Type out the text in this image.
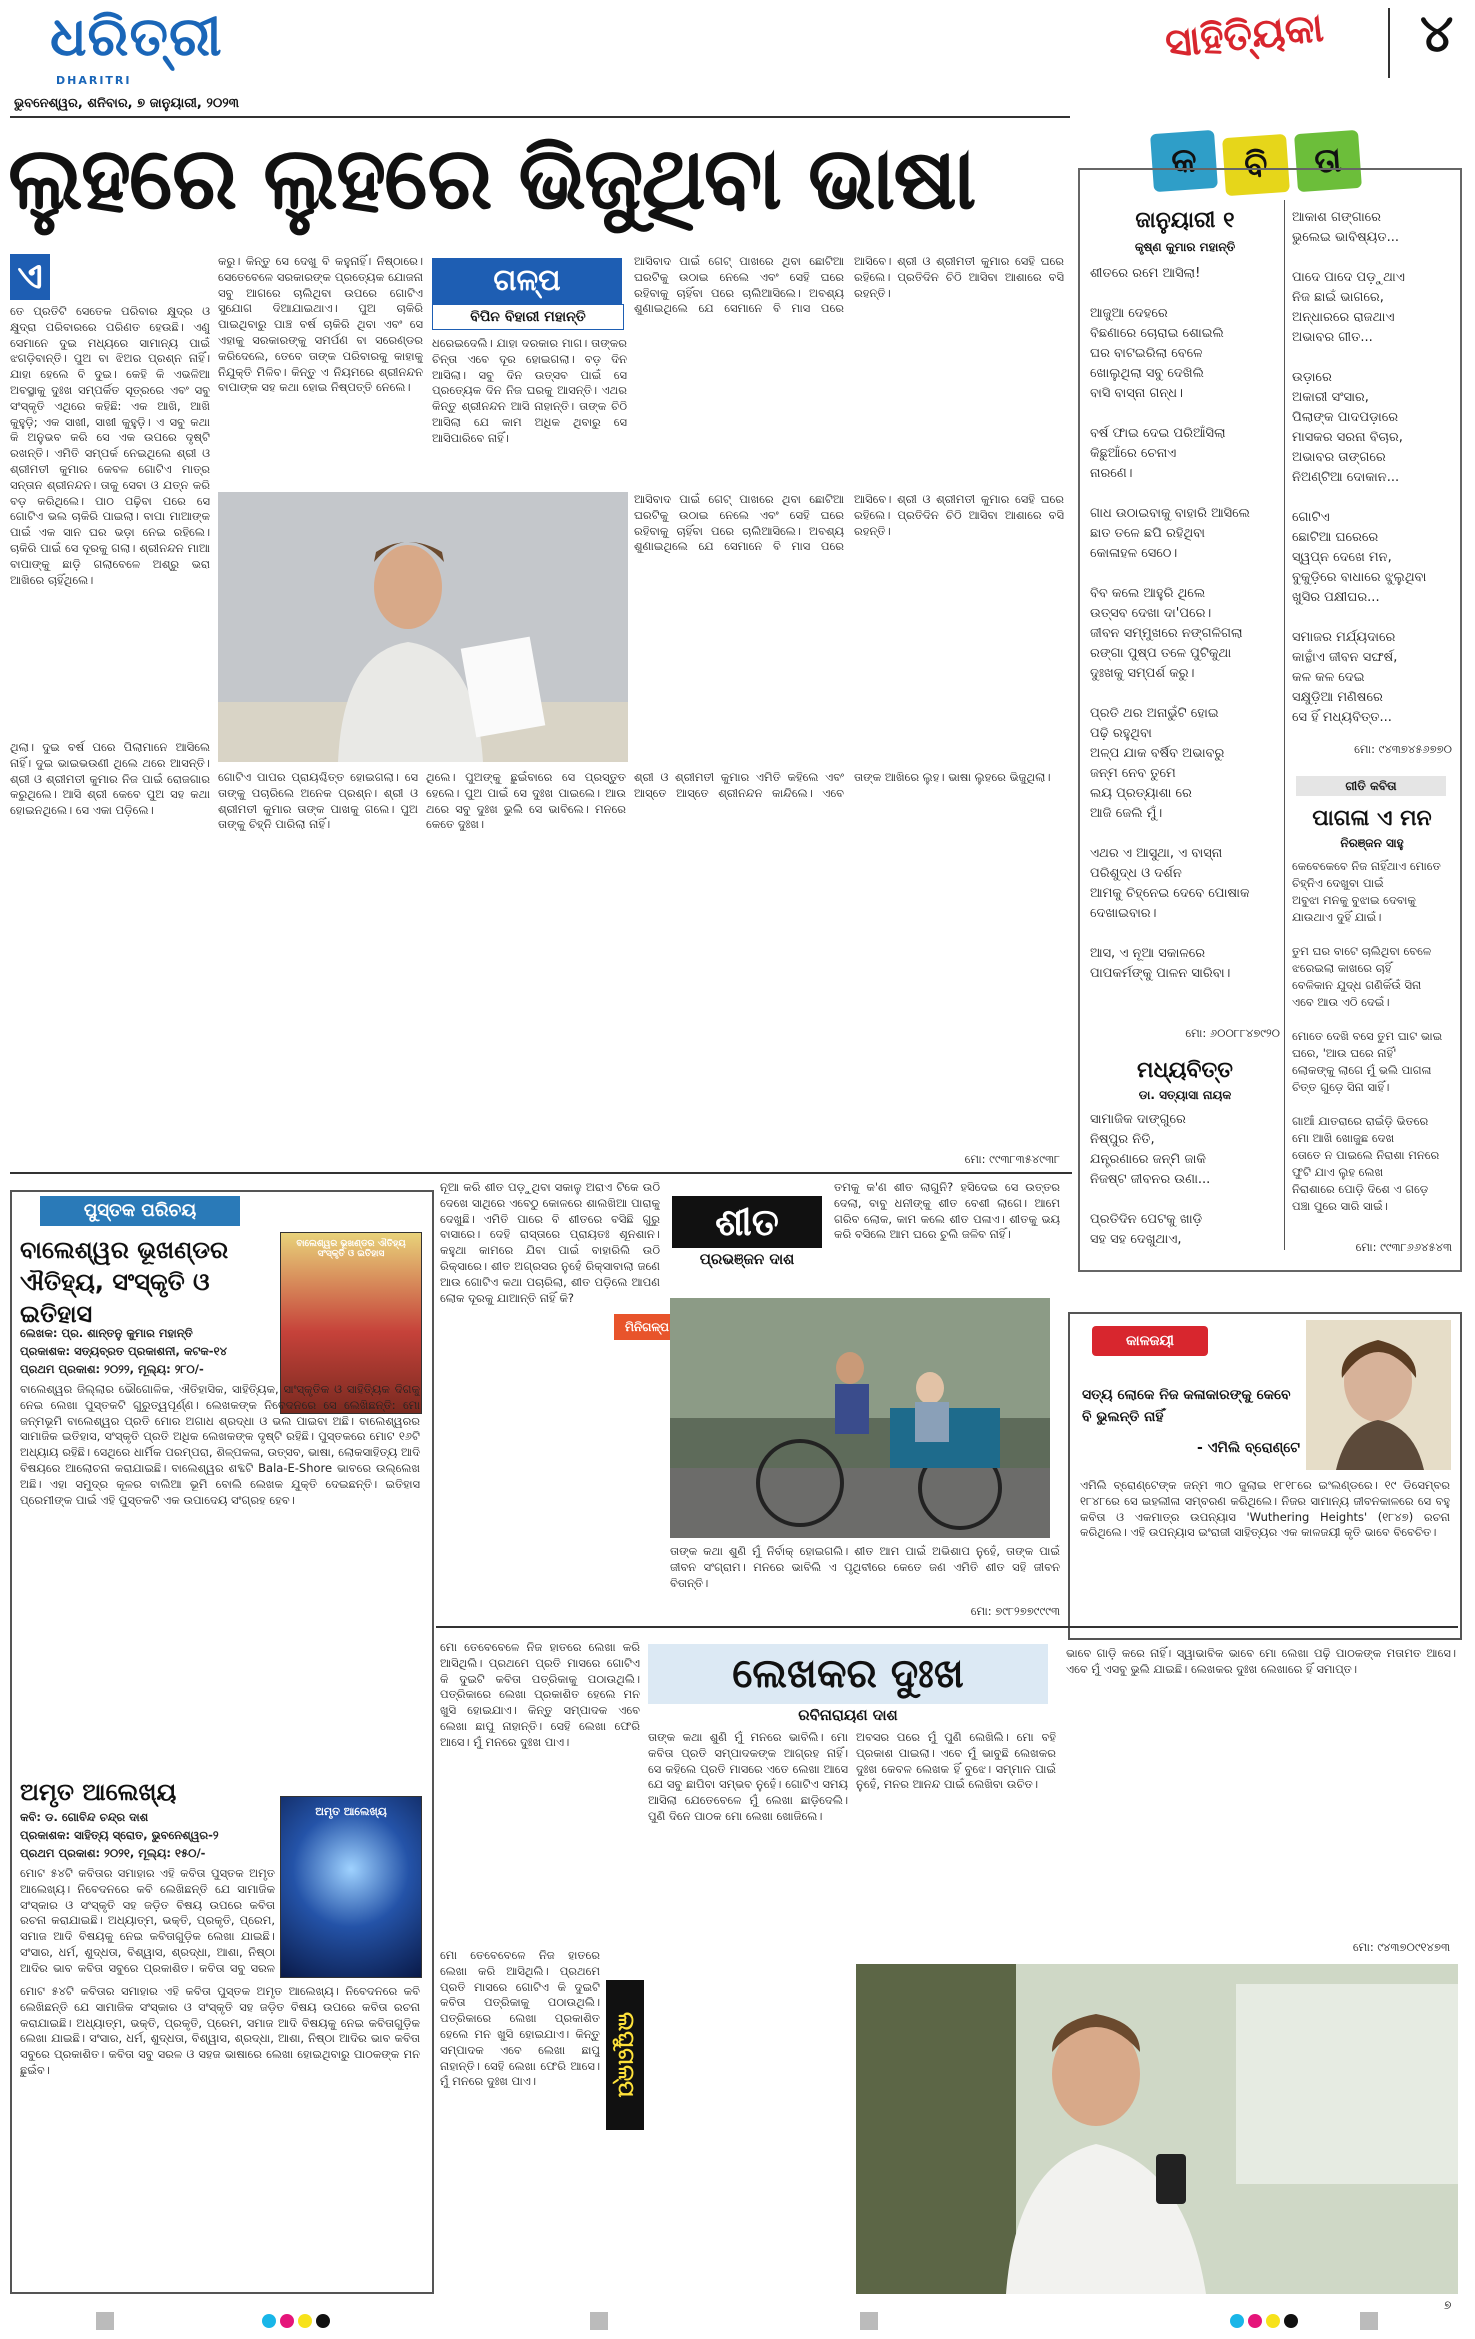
ଧରିତ୍ରୀ
DHARITRI
ଭୁବନେଶ୍ୱର, ଶନିବାର, ୭ ଜାନୁୟାରୀ, ୨୦୨୩
ସାହିତ୍ୟିକା ୪
ଲୁହରେ ଲୁହରେ ଭିଜୁଥିବା ଭାଷା	କ	ବି	ତା
ଏ
ତେ ପ୍ରତିଟି ସେତେକ ପରିବାର କ୍ଷୁଦ୍ର ଓ କ୍ଷୁଦ୍ରା ପରିବାରରେ ପରିଣତ ହେଉଛି। ଏଣୁ ସେମାନେ ଦୁଇ ମଧ୍ୟରେ ସାମାନ୍ୟ ପାଇଁ ଝଗଡ଼ିବାନ୍ତି। ପୁଅ ବା ଝିଅର ପ୍ରଶ୍ନ ନାହିଁ। ଯାହା ହେଲେ ବି ଦୁଇ। କେହି କି ଏଭଳିଆ ଅବସ୍ଥାକୁ ଦୁଃଖ ସମ୍ପର୍କିତ ସୂତ୍ରରେ ଏବଂ ସବୁ ସଂସ୍କୃତି ଏଥିରେ କହିଛି: ଏକ ଆଖି, ଆଖି କୁହୁଡ଼ି; ଏକ ସାଖୀ, ସାଖୀ କୁହୁଡ଼ି। ଏ ସବୁ କଥା କି ଅନୁଭବ କରି ସେ ଏକ ଉପରେ ଦୃଷ୍ଟି ରଖନ୍ତି। ଏମିତି ସମ୍ପର୍କ ନେଇଥିଲେ ଶ୍ରୀ ଓ ଶ୍ରୀମତୀ କୁମାର କେବଳ ଗୋଟିଏ ମାତ୍ର ସନ୍ତାନ ଶ୍ରୀନନ୍ଦନ। ତାକୁ ସେବା ଓ ଯତ୍ନ କରି ବଡ଼ କରିଥିଲେ। ପାଠ ପଢ଼ିବା ପରେ ସେ ଗୋଟିଏ ଭଲ ଚାକିରି ପାଇଲା। ବାପା ମାଆଙ୍କ ପାଇଁ ଏକ ସାନ ଘର ଭଡ଼ା ନେଇ ରହିଲେ। ଚାକିରି ପାଇଁ ସେ ଦୂରକୁ ଗଲା। ଶ୍ରୀନନ୍ଦନ ମାଆ ବାପାଙ୍କୁ ଛାଡ଼ି ଗଲାବେଳେ ଅଶ୍ରୁ ଭରା ଆଖିରେ ଚାହିଁଥିଲେ।
କରୁ। କିନ୍ତୁ ସେ ଦେଖୁ ବି କହୁନାହିଁ। ନିଷ୍ଠାରେ। ସେତେବେଳେ ସରକାରଙ୍କ ପ୍ରତ୍ୟେକ ଯୋଜନା ସବୁ ଆଗରେ ଚାଲିଥିବା ଉପରେ ଗୋଟିଏ ସୁଯୋଗ ଦିଆଯାଇଥାଏ। ପୁଅ ଚାକିରି ପାଇଥିବାରୁ ପାଞ୍ଚ ବର୍ଷ ଚାକିରି ଥିବା ଏବଂ ସେ ଏହାକୁ ସରକାରଙ୍କୁ ସମର୍ପଣ ବା ସରେଣ୍ଡର କରିଦେଲେ, ତେବେ ତାଙ୍କ ପରିବାରକୁ କାହାକୁ ନିଯୁକ୍ତି ମିଳିବ। କିନ୍ତୁ ଏ ନିୟମରେ ଶ୍ରୀନନ୍ଦନ ବାପାଙ୍କ ସହ କଥା ହୋଇ ନିଷ୍ପତ୍ତି ନେଲେ।
ଗଳ୍ପ
ବିପିନ ବିହାରୀ ମହାନ୍ତି
ଧରେଇଦେଲି। ଯାହା ଦରକାର ମାଗ। ତାଙ୍କର ଚିନ୍ତା ଏବେ ଦୂର ହୋଇଗଲା। ବଡ଼ ଦିନ ଆସିଲା। ସବୁ ଦିନ ଉତ୍ସବ ପାଇଁ ସେ ପ୍ରତ୍ୟେକ ଦିନ ନିଜ ଘରକୁ ଆସନ୍ତି। ଏଥର କିନ୍ତୁ ଶ୍ରୀନନ୍ଦନ ଆସି ନାହାନ୍ତି। ତାଙ୍କ ଚିଠି ଆସିଲା ଯେ କାମ ଅଧିକ ଥିବାରୁ ସେ ଆସିପାରିବେ ନାହିଁ।
ଆସିବାଦ ପାଇଁ ଗେଟ୍ ପାଖରେ ଥିବା ଛୋଟିଆ ଘରଟିକୁ ଉଠାଇ ନେଲେ ଏବଂ ସେହି ଘରେ ରହିବାକୁ ଚାହିଁବା ପରେ ଚାଲିଆସିଲେ। ଅବଶ୍ୟ ଶୁଣାଇଥିଲେ ଯେ ସେମାନେ ବି ମାସ ପରେ ଆସିବେ। ଶ୍ରୀ ଓ ଶ୍ରୀମତୀ କୁମାର ସେହି ଘରେ ରହିଲେ। ପ୍ରତିଦିନ ଚିଠି ଆସିବା ଆଶାରେ ବସି ରହନ୍ତି।
ଆସିବାଦ ପାଇଁ ଗେଟ୍ ପାଖରେ ଥିବା ଛୋଟିଆ ଘରଟିକୁ ଉଠାଇ ନେଲେ ଏବଂ ସେହି ଘରେ ରହିବାକୁ ଚାହିଁବା ପରେ ଚାଲିଆସିଲେ। ଅବଶ୍ୟ ଶୁଣାଇଥିଲେ ଯେ ସେମାନେ ବି ମାସ ପରେ ଆସିବେ। ଶ୍ରୀ ଓ ଶ୍ରୀମତୀ କୁମାର ସେହି ଘରେ ରହିଲେ। ପ୍ରତିଦିନ ଚିଠି ଆସିବା ଆଶାରେ ବସି ରହନ୍ତି।
ଥିଲା। ଦୁଇ ବର୍ଷ ପରେ ପିଲାମାନେ ଆସିଲେ ନାହିଁ। ଦୁଇ ଭାଇଭଉଣୀ ଥିଲେ ଥରେ ଆସନ୍ତି। ଶ୍ରୀ ଓ ଶ୍ରୀମତୀ କୁମାର ନିଜ ପାଇଁ ରୋଜଗାର କରୁଥିଲେ। ଆସି ଶ୍ରୀ କେବେ ପୁଅ ସହ କଥା ହୋଇନଥିଲେ। ସେ ଏକା ପଡ଼ିଲେ।
ଗୋଟିଏ ପାପର ପ୍ରାୟଶ୍ଚିତ୍ତ ହୋଇଗଲା। ସେ ତାଙ୍କୁ ପଚାରିଲେ ଅନେକ ପ୍ରଶ୍ନ। ଶ୍ରୀ ଓ ଶ୍ରୀମତୀ କୁମାର ତାଙ୍କ ପାଖକୁ ଗଲେ। ପୁଅ ତାଙ୍କୁ ଚିହ୍ନି ପାରିଲା ନାହିଁ।
ଥିଲେ। ପୁଅଙ୍କୁ ଛୁଇଁବାରେ ସେ ପ୍ରସ୍ତୁତ ହେଲେ। ପୁଅ ପାଇଁ ସେ ଦୁଃଖ ପାଇଲେ। ଆଉ ଥରେ ସବୁ ଦୁଃଖ ଭୁଲି ସେ ଭାବିଲେ। ମନରେ କେତେ ଦୁଃଖ।
ଶ୍ରୀ ଓ ଶ୍ରୀମତୀ କୁମାର ଏମିତି କହିଲେ ଏବଂ ଆସ୍ତେ ଆସ୍ତେ ଶ୍ରୀନନ୍ଦନ କାନ୍ଦିଲେ। ଏବେ ତାଙ୍କ ଆଖିରେ ଲୁହ। ଭାଷା ଲୁହରେ ଭିଜୁଥିଲା।
ମୋ: ୯୯୩୮୩୫୪୯୩୮
ଜାନୁୟାରୀ ୧
କୃଷ୍ଣ କୁମାର ମହାନ୍ତି
ଶୀତରେ ରମେ ଆସିଲା!

ଆଜୁଆ ଦେହରେ
ବିଛଣାରେ ଚୋରାଇ ଶୋଇଲି
ଘର ବାଟଇରିଲା ବେଳେ
ଖୋଲୁଥିଲା ସବୁ ଦେଖିଲି
ବାସି ବାସ୍ନା ଗନ୍ଧ।

ବର୍ଷ ଫାଇ ଦେଇ ପରିଆଁସିଲା
କିଛୁଆଁରେ ଚେନାଏ
ନାରଣେ।

ଗାଧ ଉଠାଇବାକୁ ବାହାରି ଆସିଲେ
ଛାତ ତଳେ ଛପି ରହିଥିବା
କୋଳାହଳ ସେଠେ।

ବିବ କଲେ ଆହୁରି ଥିଲେ
ଉତ୍ସବ ଦେଖା ଦା'ପରେ।
ଜୀବନ ସମ୍ମୁଖରେ ନଙ୍ଗଳିଗଲା
ରଙ୍ଗା ପୁଷ୍ପ ତଳେ ପୁଟିକୁଥା
ଦୁଃଖକୁ ସମ୍ପର୍ଶ କରୁ।

ପ୍ରତି ଥର ଅନାଭୁଁଟି ହୋଇ
ପଢ଼ି ରହୁଥିବା
ଅଳ୍ପ ଯାକ ବର୍ଷିବ ଅଭାବରୁ
ଜନ୍ମ ନେବ ତୁମେ
ଲୟ ପ୍ରତ୍ୟାଶା ରେ
ଆଜି ଜେଲି ମୁଁ।

ଏଥର ଏ ଆସୁଥା, ଏ ବାସ୍ନା
ପରିଶୁଦ୍ଧ ଓ ଦର୍ଶନ
ଆମକୁ ଚିହ୍ନେଇ ଦେବେ ପୋଷାକ
ଦେଖାଇବାର।

ଆସ, ଏ ନୂଆ ସକାଳରେ
ପାପକର୍ମଙ୍କୁ ପାଳନ ସାରିବା।
ମୋ: ୬୦୦୮୮୪୭୯୨୦
ଆକାଶ ଗଙ୍ଗାରେ
ଭୁଲେଇ ଭାବିଷ୍ୟତ...

ପାଦେ ପାଦେ ପଡ଼ୁଥାଏ
ନିଜ ଛାଇଁ ଭାଗରେ,
ଅନ୍ଧାରରେ ରାଜଥାଏ
ଅଭାବର ଗୀତ...

ଉଡ଼ାରେ
ଅକାରୀ ସଂସାର,
ପିଲାଙ୍କ ପାଦପଡ଼ାରେ
ମାସକର ସରନା ବିଚାର,
ଅଭାବର ତାଙ୍ଗରେ
ନିଅଣ୍ଟିଆ ଦୋକାନ...

ଗୋଟିଏ
ଛୋଟିଆ ଘରେରେ
ସ୍ୱପ୍ନ ଦେଖେ ମନ,
ବୁକୁଡ଼ିରେ ବାଧାରେ ଝୁଲୁଥିବା
ଖୁସିର ପକ୍ଷୀଘର...

ସମାଜର ମର୍ଯ୍ୟଦାରେ
କାନ୍ଥାଁଏ ଜୀବନ ସଙ୍ଘର୍ଷ,
କଳ କଳ ଦେଇ
ସକ୍ଷୁଡ଼ିଆ ମଣିଷରେ
ସେ ହିଁ ମଧ୍ୟବିତ୍ତ...
ମୋ: ୯୪୩୭୪୫୬୭୭୦
ମଧ୍ୟବିତ୍ତ
ଡା. ସତ୍ୟାସା ନାୟକ
ସାମାଜିକ ଦାଙ୍ଗୁରେ
ନିଷ୍ପୁର ନିତି,
ଯନ୍ତ୍ରଣାରେ ଜନ୍ମି ଜାକି
ନିଜଷ୍ଟ ଜୀବନର ଉଣା...

ପ୍ରତିଦିନ ପେଟକୁ ଖାଡ଼ି
ସହ ସହ ଦେଖୁଥାଏ,
ଗୀତି କବିତା
ପାଗଳା ଏ ମନ
ନିରଞ୍ଜନ ସାହୁ
କେବେକେବେ ନିଜ ନାହିଁଥାଏ ମୋତେ
ଚିହ୍ନିଏ ଦେଖୁବା ପାଇଁ
ଅବୁଝା ମନକୁ ବୁଝାଇ ଦେବାକୁ
ଯାଉଥାଏ ଦୁହିଁ ଯାଇଁ।

ତୁମ ଘର ବାଟେ ଚାଲିଥିବା ବେଳେ
ଝରେଇଲା କାଖରେ ଚାହିଁ
ବେଳିକାନ ଯୁଦ୍ଧ ଗଣିକିଁଉଁ ସିନା
ଏବେ ଆଉ ଏଠି ଦେଇଁ।

ମୋତେ ଦେଖି ବସେ ତୁମ ଘାଟ ଭାଇ
ଘରେ, 'ଆଉ ଘରେ ନାହିଁ'
ଲୋକଙ୍କୁ ଲାଗେ ମୁଁ ଭଲି ପାଗଳା
ଚିତ୍ତ ଗୁଡ଼େ ସିନା ସାହିଁ।

ଗାଆଁ ଯାତରାରେ ରାଇଁଡ଼ି ଭିତରେ
ମୋ ଆଖି ଖୋଜୁଛ ଦେଖ
ତୋତେ ନ ପାଇଲେ ନିରାଶା ମନରେ
ଫୁଟି ଯାଏ ଲୁହ ଲେଖ
ନିରାଶାରେ ପୋଡ଼ି ଦିଶେ ଏ ଗଡ଼େ
ପଞ୍ଚା ପୁରେ ସାରି ସାଇଁ।
ମୋ: ୯୯୩୮୬୬୪୫୪୩
ପୁସ୍ତକ ପରିଚୟ
ବାଲେଶ୍ୱର ଭୂଖଣ୍ଡର ଐତିହ୍ୟ, ସଂସ୍କୃତି ଓ ଇତିହାସ
ବାଲେଶ୍ୱର ଭୂଖଣ୍ଡର ଐତିହ୍ୟ ସଂସ୍କୃତି ଓ ଇତିହାସ
ଲେଖକ: ପ୍ର. ଶାନ୍ତନୁ କୁମାର ମହାନ୍ତି
ପ୍ରକାଶକ: ସତ୍ୟବ୍ରତ ପ୍ରକାଶନୀ, କଟକ-୧୪
ପ୍ରଥମ ପ୍ରକାଶ: ୨୦୨୨, ମୂଲ୍ୟ: ୨୮୦/-
ବାଲେଶ୍ୱର ଜିଲ୍ଲାର ଭୌଗୋଳିକ, ଐତିହାସିକ, ସାହିତ୍ୟିକ, ସାଂସ୍କୃତିକ ଓ ସାହିତ୍ୟିକ ଦିଗକୁ ନେଇ ଲେଖା ପୁସ୍ତକଟି ଗୁରୁତ୍ୱପୂର୍ଣ୍ଣ। ଲେଖକଙ୍କ ନିବେଦନରେ ସେ ଲେଖିଛନ୍ତି: ମୋ ଜନ୍ମଭୂମି ବାଲେଶ୍ୱର ପ୍ରତି ମୋର ଅଗାଧ ଶ୍ରଦ୍ଧା ଓ ଭଲ ପାଇବା ଅଛି। ବାଲେଶ୍ୱରର ସାମାଜିକ ଇତିହାସ, ସଂସ୍କୃତି ପ୍ରତି ଅଧିକ ଲେଖକଙ୍କ ଦୃଷ୍ଟି ରହିଛି। ପୁସ୍ତକରେ ମୋଟ ୧୬ଟି ଅଧ୍ୟାୟ ରହିଛି। ସେଥିରେ ଧାର୍ମିକ ପରମ୍ପରା, ଶିଳ୍ପକଳା, ଉତ୍ସବ, ଭାଷା, ଲୋକସାହିତ୍ୟ ଆଦି ବିଷୟରେ ଆଲୋଚନା କରାଯାଇଛି। ବାଲେଶ୍ୱର ଶବ୍ଦଟି Bala-E-Shore ଭାବରେ ଉଲ୍ଲେଖ ଅଛି। ଏହା ସମୁଦ୍ର କୂଳର ବାଲିଆ ଭୂମି ବୋଲି ଲେଖକ ଯୁକ୍ତି ଦେଇଛନ୍ତି। ଇତିହାସ ପ୍ରେମୀଙ୍କ ପାଇଁ ଏହି ପୁସ୍ତକଟି ଏକ ଉପାଦେୟ ସଂଗ୍ରହ ହେବ।
ଅମୃତ ଆଲେଖ୍ୟ
ଅମୃତ ଆଲେଖ୍ୟ
କବି: ଡ. ଗୋବିନ୍ଦ ଚନ୍ଦ୍ର ଦାଶ
ପ୍ରକାଶକ: ସାହିତ୍ୟ ସ୍ରୋତ, ଭୁବନେଶ୍ୱର-୨
ପ୍ରଥମ ପ୍ରକାଶ: ୨୦୨୧, ମୂଲ୍ୟ: ୧୫୦/-
ମୋଟ ୫୪ଟି କବିତାର ସମାହାର ଏହି କବିତା ପୁସ୍ତକ ଅମୃତ ଆଲେଖ୍ୟ। ନିବେଦନରେ କବି ଲେଖିଛନ୍ତି ଯେ ସାମାଜିକ ସଂସ୍କାର ଓ ସଂସ୍କୃତି ସହ ଜଡ଼ିତ ବିଷୟ ଉପରେ କବିତା ରଚନା କରାଯାଇଛି। ଅଧ୍ୟାତ୍ମ, ଭକ୍ତି, ପ୍ରକୃତି, ପ୍ରେମ, ସମାଜ ଆଦି ବିଷୟକୁ ନେଇ କବିତାଗୁଡ଼ିକ ଲେଖା ଯାଇଛି। ସଂସାର, ଧର୍ମ, ଶୁଦ୍ଧତା, ବିଶ୍ୱାସ, ଶ୍ରଦ୍ଧା, ଆଶା, ନିଷ୍ଠା ଆଦିର ଭାବ କବିତା ସବୁରେ ପ୍ରକାଶିତ। କବିତା ସବୁ ସରଳ
ମୋଟ ୫୪ଟି କବିତାର ସମାହାର ଏହି କବିତା ପୁସ୍ତକ ଅମୃତ ଆଲେଖ୍ୟ। ନିବେଦନରେ କବି ଲେଖିଛନ୍ତି ଯେ ସାମାଜିକ ସଂସ୍କାର ଓ ସଂସ୍କୃତି ସହ ଜଡ଼ିତ ବିଷୟ ଉପରେ କବିତା ରଚନା କରାଯାଇଛି। ଅଧ୍ୟାତ୍ମ, ଭକ୍ତି, ପ୍ରକୃତି, ପ୍ରେମ, ସମାଜ ଆଦି ବିଷୟକୁ ନେଇ କବିତାଗୁଡ଼ିକ ଲେଖା ଯାଇଛି। ସଂସାର, ଧର୍ମ, ଶୁଦ୍ଧତା, ବିଶ୍ୱାସ, ଶ୍ରଦ୍ଧା, ଆଶା, ନିଷ୍ଠା ଆଦିର ଭାବ କବିତା ସବୁରେ ପ୍ରକାଶିତ। କବିତା ସବୁ ସରଳ ଓ ସହଜ ଭାଷାରେ ଲେଖା ହୋଇଥିବାରୁ ପାଠକଙ୍କ ମନ ଛୁଇଁବ।
ନୂଆ କରି ଶୀତ ପଡ଼ୁଥିବା ସକାଳୁ ଅରାଏ ଟିକେ ଉଠି ଦେଖେ ସାଥିରେ ଏବେଠୁ କୋଳରେ ଶାଲଖିଆ ପାରାକୁ ଦେଖୁଛି। ଏମିତି ପାରେ ବି ଶୀତରେ ବସିଛି ଗୁରୁ ବାସାରେ। ଦେହି ରାସ୍ତାରେ ପ୍ରାୟତଃ ଶୂନଶାନ। କହୁଥା କାମରେ ଯିବା ପାଇଁ ବାହାରିଲି ଉଠି ରିକ୍ସାରେ। ଶୀତ ଅଗ୍ରସର ନୁହେଁ ରିକ୍ସାବାଲା ଜଣେ ଆଉ ଗୋଟିଏ କଥା ପଚାରିଲା, ଶୀତ ପଡ଼ିଲେ ଆପଣ ଲୋକ ଦୂରକୁ ଯାଆନ୍ତି ନାହିଁ କି?
ଶୀତ
ପ୍ରଭଞ୍ଜନ ଦାଶ
ତମକୁ କ'ଣ ଶୀତ ଲାଗୁନି? ହସିଦେଇ ସେ ଉତ୍ତର ଦେଲା, ବାବୁ ଧନୀଙ୍କୁ ଶୀତ ବେଶୀ ଲାଗେ। ଆମେ ଗରିବ ଲୋକ, କାମ କଲେ ଶୀତ ପଳାଏ। ଶୀତକୁ ଭୟ କରି ବସିଲେ ଆମ ଘରେ ଚୁଲି ଜଳିବ ନାହିଁ।
ମିନିଗଳ୍ପ
ତାଙ୍କ କଥା ଶୁଣି ମୁଁ ନିର୍ବାକ୍ ହୋଇଗଲି। ଶୀତ ଆମ ପାଇଁ ଅଭିଶାପ ନୁହେଁ, ତାଙ୍କ ପାଇଁ ଜୀବନ ସଂଗ୍ରାମ। ମନରେ ଭାବିଲି ଏ ପୃଥିବୀରେ କେତେ ଜଣ ଏମିତି ଶୀତ ସହି ଜୀବନ ବିତାନ୍ତି।
ମୋ: ୭୯୮୨୭୭୯୯୯୩
କାଳଜୟୀ
ସତ୍ୟ ଲୋକେ ନିଜ କଳାକାରଙ୍କୁ କେବେ ବି ଭୁଲନ୍ତି ନାହିଁ
- ଏମିଲି ବ୍ରୋଣ୍ଟେ
ଏମିଲି ବ୍ରୋଣ୍ଟେଙ୍କ ଜନ୍ମ ୩୦ ଜୁଲାଇ ୧୮୧୮ରେ ଇଂଲଣ୍ଡରେ। ୧୯ ଡିସେମ୍ବର ୧୮୪୮ରେ ସେ ଇହଲୀଳା ସମ୍ବରଣ କରିଥିଲେ। ନିଜର ସାମାନ୍ୟ ଜୀବନକାଳରେ ସେ ବହୁ କବିତା ଓ ଏକମାତ୍ର ଉପନ୍ୟାସ 'Wuthering Heights' (୧୮୪୭) ରଚନା କରିଥିଲେ। ଏହି ଉପନ୍ୟାସ ଇଂରାଜୀ ସାହିତ୍ୟର ଏକ କାଳଜୟୀ କୃତି ଭାବେ ବିବେଚିତ।
ମୋ ତେବେବେଳେ ନିଜ ହାତରେ ଲେଖା କରି ଆସିଥିଲି। ପ୍ରଥମେ ପ୍ରତି ମାସରେ ଗୋଟିଏ କି ଦୁଇଟି କବିତା ପତ୍ରିକାକୁ ପଠାଉଥିଲି। ପତ୍ରିକାରେ ଲେଖା ପ୍ରକାଶିତ ହେଲେ ମନ ଖୁସି ହୋଇଯାଏ। କିନ୍ତୁ ସମ୍ପାଦକ ଏବେ ଲେଖା ଛାପୁ ନାହାନ୍ତି। ସେହି ଲେଖା ଫେରି ଆସେ। ମୁଁ ମନରେ ଦୁଃଖ ପାଏ।
ଲେଖକର ଦୁଃଖ
ରବିନାରାୟଣ ଦାଶ
ତାଙ୍କ କଥା ଶୁଣି ମୁଁ ମନରେ ଭାବିଲି। ମୋ କବିତା ପ୍ରତି ସମ୍ପାଦକଙ୍କ ଆଗ୍ରହ ନାହିଁ। ସେ କହିଲେ ପ୍ରତି ମାସରେ ଏତେ ଲେଖା ଆସେ ଯେ ସବୁ ଛାପିବା ସମ୍ଭବ ନୁହେଁ। ଗୋଟିଏ ସମୟ ଆସିଲା ଯେତେବେଳେ ମୁଁ ଲେଖା ଛାଡ଼ିଦେଲି। ପୁଣି ଦିନେ ପାଠକ ମୋ ଲେଖା ଖୋଜିଲେ।
ଅବସର ପରେ ମୁଁ ପୁଣି ଲେଖିଲି। ମୋ ବହି ପ୍ରକାଶ ପାଇଲା। ଏବେ ମୁଁ ଭାବୁଛି ଲେଖକର ଦୁଃଖ କେବଳ ଲେଖକ ହିଁ ବୁଝେ। ସମ୍ମାନ ପାଇଁ ନୁହେଁ, ମନର ଆନନ୍ଦ ପାଇଁ ଲେଖିବା ଉଚିତ।
ଭାବେ ଗାଡ଼ି କରେ ନାହିଁ। ସ୍ୱାଭାବିକ ଭାବେ ମୋ ଲେଖା ପଢ଼ି ପାଠକଙ୍କ ମତାମତ ଆସେ। ଏବେ ମୁଁ ଏସବୁ ଭୁଲି ଯାଇଛି। ଲେଖକର ଦୁଃଖ ଲେଖାରେ ହିଁ ସମାପ୍ତ।
ମୋ: ୯୪୩୭୦୯୧୪୭୩
ଲଘୁଗଳ୍ପ
ମୋ ତେବେବେଳେ ନିଜ ହାତରେ ଲେଖା କରି ଆସିଥିଲି। ପ୍ରଥମେ ପ୍ରତି ମାସରେ ଗୋଟିଏ କି ଦୁଇଟି କବିତା ପତ୍ରିକାକୁ ପଠାଉଥିଲି। ପତ୍ରିକାରେ ଲେଖା ପ୍ରକାଶିତ ହେଲେ ମନ ଖୁସି ହୋଇଯାଏ। କିନ୍ତୁ ସମ୍ପାଦକ ଏବେ ଲେଖା ଛାପୁ ନାହାନ୍ତି। ସେହି ଲେଖା ଫେରି ଆସେ। ମୁଁ ମନରେ ଦୁଃଖ ପାଏ।
୭
